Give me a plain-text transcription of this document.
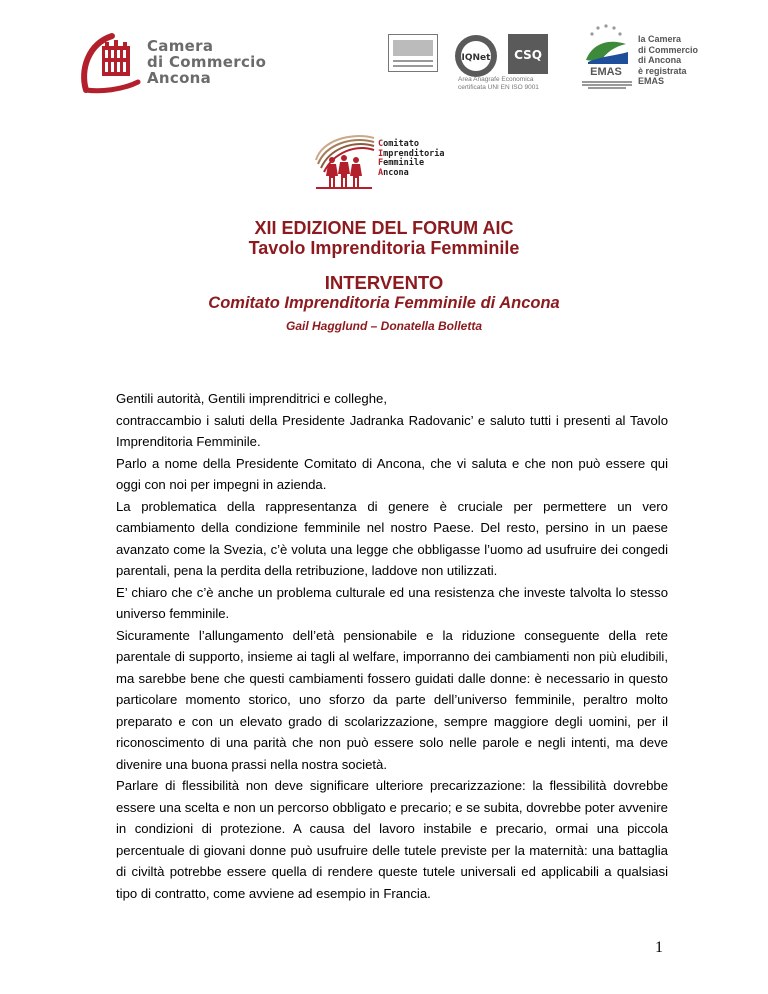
Camera
di Commercio
Ancona
IQNet CSQ
Area Anagrafe Economica
certificata UNI EN ISO 9001
EMAS
la Camera
di Commercio
di Ancona
è registrata
EMAS
Comitato
Imprenditoria
Femminile
Ancona
XII EDIZIONE DEL FORUM AIC
Tavolo Imprenditoria Femminile
INTERVENTO
Comitato Imprenditoria Femminile di Ancona
Gail Hagglund – Donatella Bolletta

Gentili autorità, Gentili imprenditrici e colleghe,

contraccambio i saluti della Presidente Jadranka Radovanic’ e saluto tutti i presenti al Tavolo Imprenditoria Femminile.

Parlo a nome della Presidente Comitato di Ancona, che vi saluta e che non può essere qui oggi con noi per impegni in azienda.

La problematica della rappresentanza di genere è cruciale per permettere un vero cambiamento della condizione femminile nel nostro Paese. Del resto, persino in un paese avanzato come la Svezia, c’è voluta una legge che obbligasse l’uomo ad usufruire dei congedi parentali, pena la perdita della retribuzione, laddove non utilizzati.

E’ chiaro che c’è anche un problema culturale ed una resistenza che investe talvolta lo stesso universo femminile.

Sicuramente l’allungamento dell’età pensionabile e la riduzione conseguente della rete parentale di supporto, insieme ai tagli al welfare, imporranno dei cambiamenti non più eludibili, ma sarebbe bene che questi cambiamenti fossero guidati dalle donne: è necessario in questo particolare momento storico, uno sforzo da parte dell’universo femminile, peraltro molto preparato e con un elevato grado di scolarizzazione, sempre maggiore degli uomini, per il riconoscimento di una parità che non può essere solo nelle parole e negli intenti, ma deve divenire una buona prassi nella nostra società.

Parlare di flessibilità non deve significare ulteriore precarizzazione: la flessibilità dovrebbe essere una scelta e non un percorso obbligato e precario; e se subita, dovrebbe poter avvenire in condizioni di protezione. A causa del lavoro instabile e precario, ormai una piccola percentuale di giovani donne può usufruire delle tutele previste per la maternità: una battaglia di civiltà potrebbe essere quella di rendere queste tutele universali ed applicabili a qualsiasi tipo di contratto, come avviene ad esempio in Francia.

1
